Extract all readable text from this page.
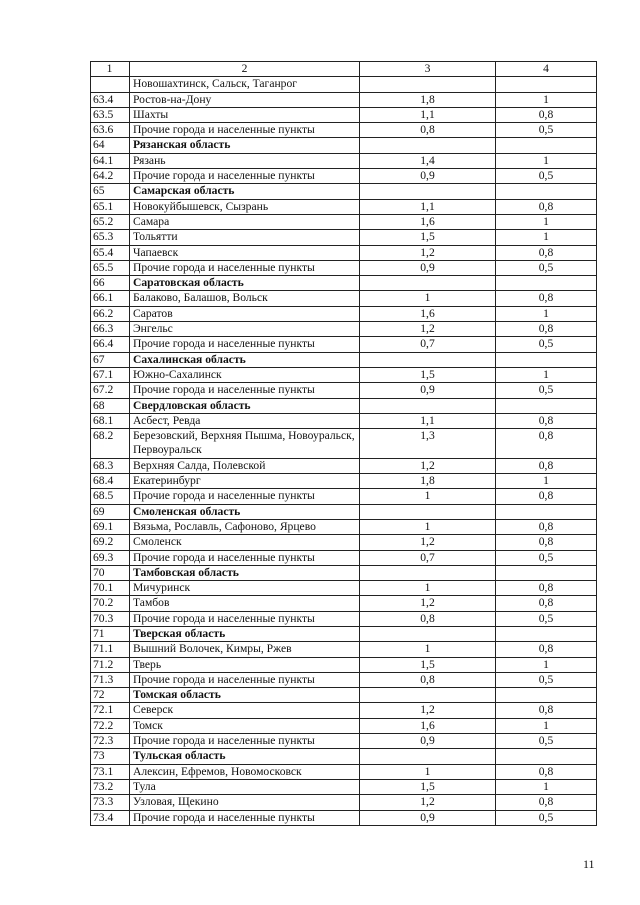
1	2	3	4
	Новошахтинск, Сальск, Таганрог		
63.4	Ростов-на-Дону	1,8	1
63.5	Шахты	1,1	0,8
63.6	Прочие города и населенные пункты	0,8	0,5
64	Рязанская область		
64.1	Рязань	1,4	1
64.2	Прочие города и населенные пункты	0,9	0,5
65	Самарская область		
65.1	Новокуйбышевск, Сызрань	1,1	0,8
65.2	Самара	1,6	1
65.3	Тольятти	1,5	1
65.4	Чапаевск	1,2	0,8
65.5	Прочие города и населенные пункты	0,9	0,5
66	Саратовская область		
66.1	Балаково, Балашов, Вольск	1	0,8
66.2	Саратов	1,6	1
66.3	Энгельс	1,2	0,8
66.4	Прочие города и населенные пункты	0,7	0,5
67	Сахалинская область		
67.1	Южно-Сахалинск	1,5	1
67.2	Прочие города и населенные пункты	0,9	0,5
68	Свердловская область		
68.1	Асбест, Ревда	1,1	0,8
68.2	Березовский, Верхняя Пышма, Новоуральск, Первоуральск	1,3	0,8
68.3	Верхняя Салда, Полевской	1,2	0,8
68.4	Екатеринбург	1,8	1
68.5	Прочие города и населенные пункты	1	0,8
69	Смоленская область		
69.1	Вязьма, Рославль, Сафоново, Ярцево	1	0,8
69.2	Смоленск	1,2	0,8
69.3	Прочие города и населенные пункты	0,7	0,5
70	Тамбовская область		
70.1	Мичуринск	1	0,8
70.2	Тамбов	1,2	0,8
70.3	Прочие города и населенные пункты	0,8	0,5
71	Тверская область		
71.1	Вышний Волочек, Кимры, Ржев	1	0,8
71.2	Тверь	1,5	1
71.3	Прочие города и населенные пункты	0,8	0,5
72	Томская область		
72.1	Северск	1,2	0,8
72.2	Томск	1,6	1
72.3	Прочие города и населенные пункты	0,9	0,5
73	Тульская область		
73.1	Алексин, Ефремов, Новомосковск	1	0,8
73.2	Тула	1,5	1
73.3	Узловая, Щекино	1,2	0,8
73.4	Прочие города и населенные пункты	0,9	0,5
11
